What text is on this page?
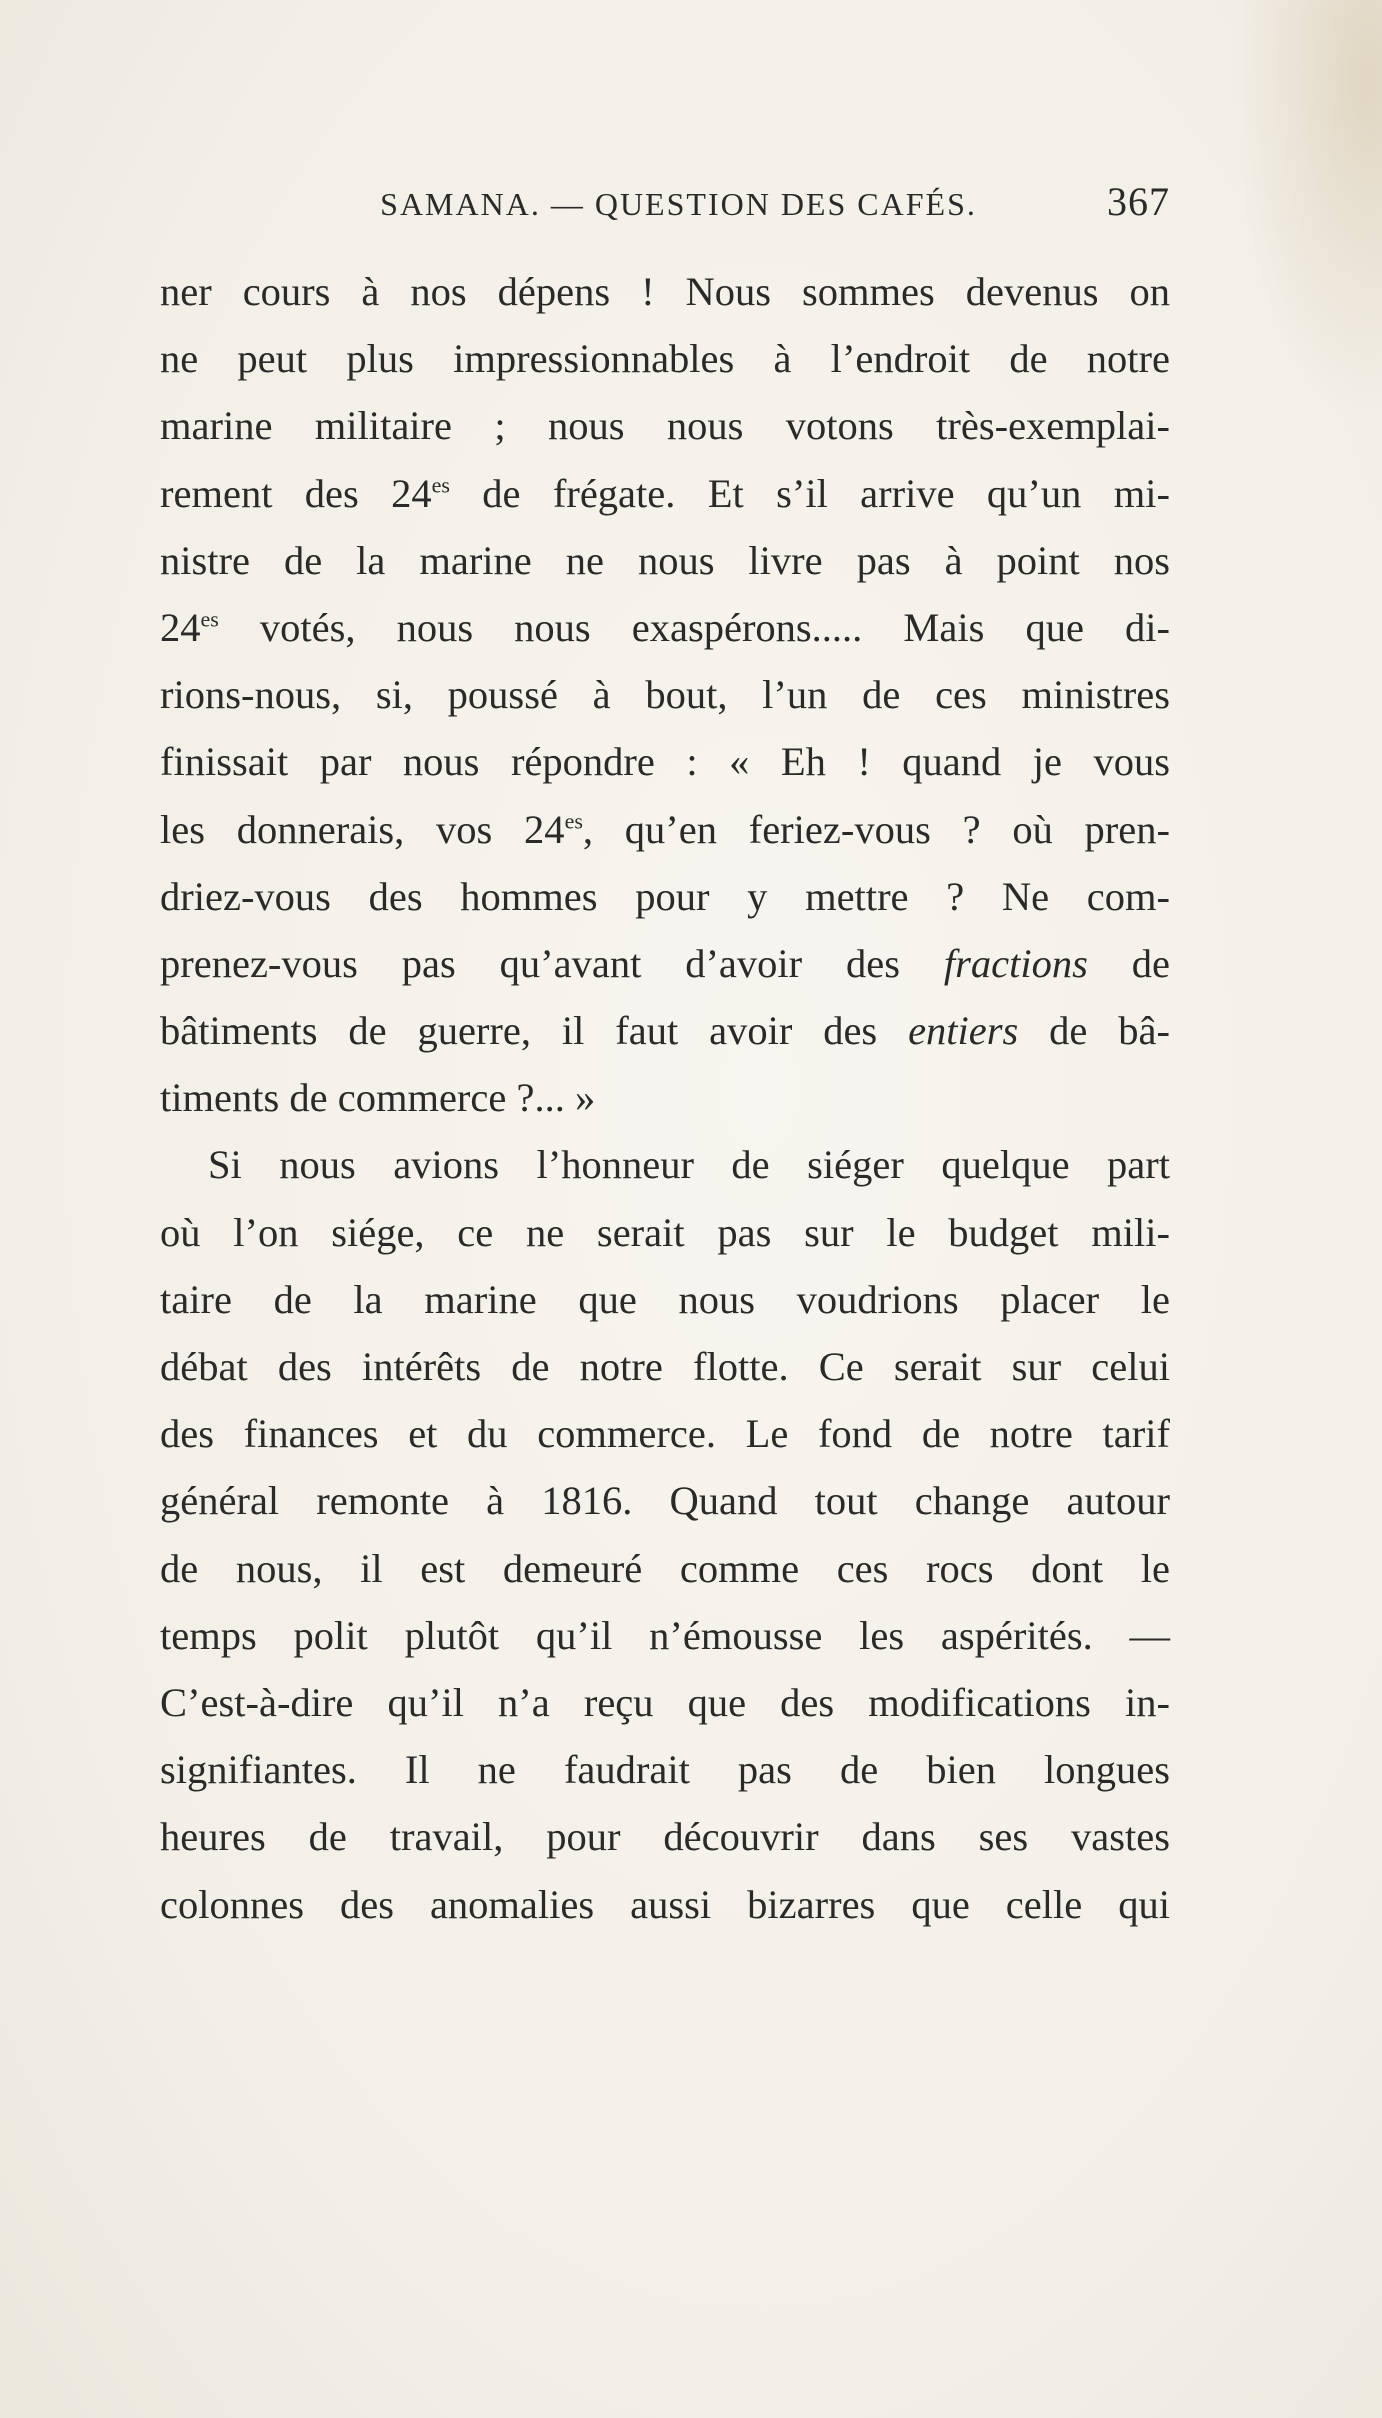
SAMANA. — QUESTION DES CAFÉS.	367
ner cours à nos dépens ! Nous sommes devenus on
ne peut plus impressionnables à l’endroit de notre
marine militaire ; nous nous votons très-exemplai-
rement des $24^{es}$ de frégate. Et s’il arrive qu’un mi-
nistre de la marine ne nous livre pas à point nos
$24^{es}$ votés, nous nous exaspérons..... Mais que di-
rions-nous, si, poussé à bout, l’un de ces ministres
finissait par nous répondre : « Eh ! quand je vous
les donnerais, vos $24^{es}$, qu’en feriez-vous ? où pren-
driez-vous des hommes pour y mettre ? Ne com-
prenez-vous pas qu’avant d’avoir des fractions de
bâtiments de guerre, il faut avoir des entiers de bâ-
timents de commerce ?... »
Si nous avions l’honneur de siéger quelque part
où l’on siége, ce ne serait pas sur le budget mili-
taire de la marine que nous voudrions placer le
débat des intérêts de notre flotte. Ce serait sur celui
des finances et du commerce. Le fond de notre tarif
général remonte à 1816. Quand tout change autour
de nous, il est demeuré comme ces rocs dont le
temps polit plutôt qu’il n’émousse les aspérités. —
C’est-à-dire qu’il n’a reçu que des modifications in-
signifiantes. Il ne faudrait pas de bien longues
heures de travail, pour découvrir dans ses vastes
colonnes des anomalies aussi bizarres que celle qui
